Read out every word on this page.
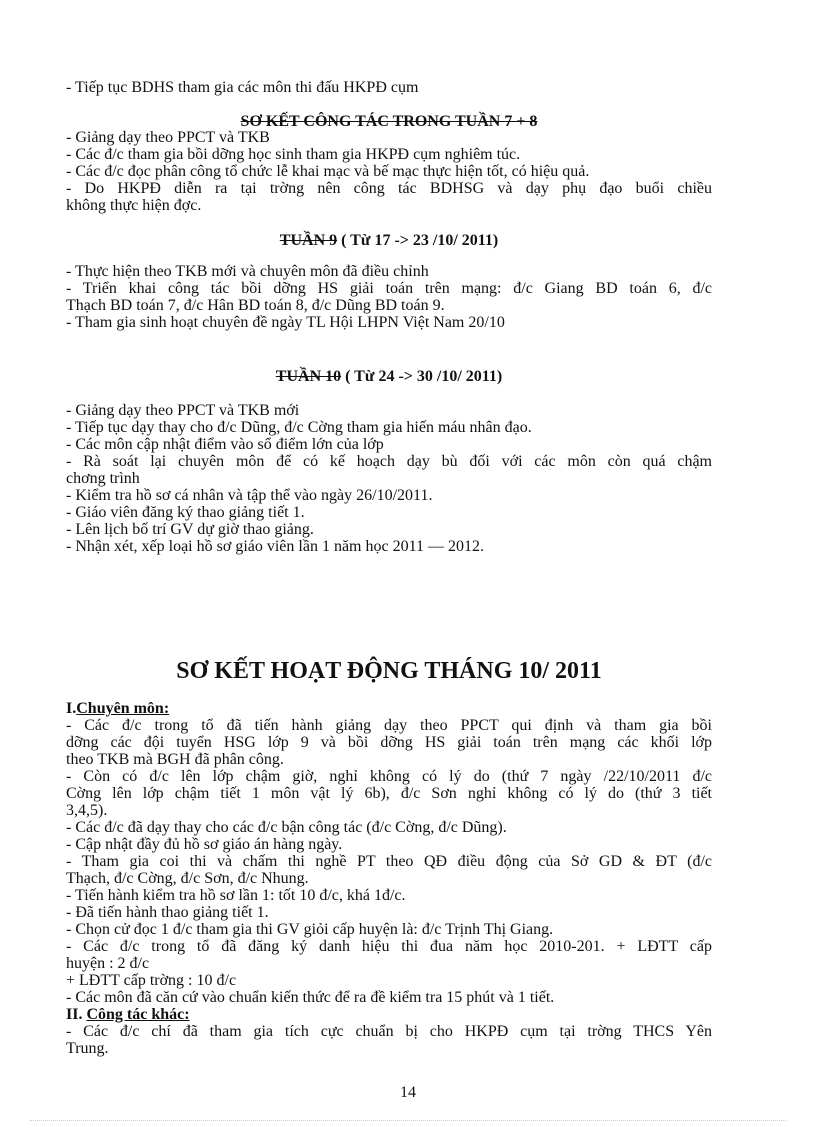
- Tiếp tục BDHS tham gia các môn thi đấu HKPĐ cụm
SƠ KẾT CÔNG TÁC TRONG TUẦN 7 + 8
- Giảng dạy theo PPCT và TKB
- Các đ/c tham gia bồi dỡng học sinh tham gia HKPĐ cụm nghiêm túc.
- Các đ/c đọc phân công tổ chức lễ khai mạc và bế mạc thực hiện tốt, có hiệu quả.
- Do HKPĐ diễn ra tại trờng nên công tác BDHSG và dạy phụ đạo buổi chiều
không thực hiện đợc.
TUẦN 9 ( Từ 17 -> 23 /10/ 2011)
- Thực hiện theo TKB mới và chuyên môn đã điều chỉnh
- Triển khai công tác bồi dỡng HS giải toán trên mạng: đ/c Giang BD toán 6, đ/c
Thạch BD toán 7, đ/c Hân BD toán 8, đ/c Dũng BD toán 9.
- Tham gia sinh hoạt chuyên đề ngày TL Hội LHPN Việt Nam 20/10
TUẦN 10 ( Từ 24 -> 30 /10/ 2011)
- Giảng dạy theo PPCT và TKB mới
- Tiếp tục dạy thay cho đ/c Dũng, đ/c Cờng tham gia hiến máu nhân đạo.
- Các môn cập nhật điểm vào sổ điểm lớn của lớp
- Rà soát lại chuyên môn để có kế hoạch dạy bù đối với các môn còn quá chậm
chơng trình
- Kiểm tra hồ sơ cá nhân và tập thể vào ngày 26/10/2011.
- Giáo viên đăng ký thao giảng tiết 1.
- Lên lịch bố trí GV dự giờ thao giảng.
- Nhận xét, xếp loại hồ sơ giáo viên lần 1 năm học 2011 — 2012.
SƠ KẾT HOẠT ĐỘNG THÁNG 10/ 2011
I.Chuyên môn:
- Các đ/c trong tổ đã tiến hành giảng dạy theo PPCT qui định và tham gia bồi
dỡng các đội tuyển HSG lớp 9 và bồi dỡng HS giải toán trên mạng các khối lớp
theo TKB mà BGH đã phân công.
- Còn có đ/c lên lớp chậm giờ, nghỉ không có lý do (thứ 7 ngày /22/10/2011 đ/c
Cờng lên lớp chậm tiết 1 môn vật lý 6b), đ/c Sơn nghỉ không có lý do (thứ 3 tiết
3,4,5).
- Các đ/c đã dạy thay cho các đ/c bận công tác (đ/c Cờng, đ/c Dũng).
- Cập nhật đầy đủ hồ sơ giáo án hàng ngày.
- Tham gia coi thi và chấm thi nghề PT theo QĐ điều động của Sở GD & ĐT (đ/c
Thạch, đ/c Cờng, đ/c Sơn, đ/c Nhung.
- Tiến hành kiểm tra hồ sơ lần 1: tốt 10 đ/c, khá 1đ/c.
- Đã tiến hành thao giảng tiết 1.
- Chọn cử đọc 1 đ/c tham gia thi GV giỏi cấp huyện là: đ/c Trịnh Thị Giang.
- Các đ/c trong tổ đã đăng ký danh hiệu thi đua năm học 2010-201. + LĐTT cấp
huyện : 2 đ/c
+ LĐTT cấp trờng : 10 đ/c
- Các môn đã căn cứ vào chuẩn kiến thức để ra đề kiểm tra 15 phút và 1 tiết.
II. Công tác khác:
- Các đ/c chí đã tham gia tích cực chuẩn bị cho HKPĐ cụm tại trờng THCS Yên
Trung.
14
